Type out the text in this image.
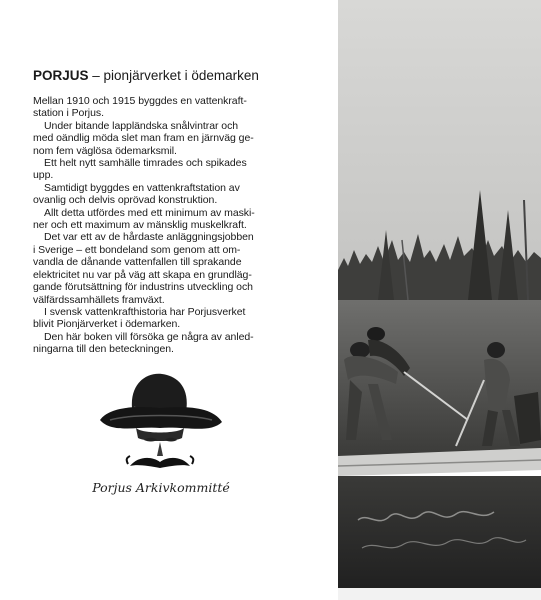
PORJUS – pionjärverket i ödemarken
Mellan 1910 och 1915 byggdes en vattenkraft-
station i Porjus.
Under bitande lappländska snålvintrar och
med oändlig möda slet man fram en järnväg ge-
nom fem väglösa ödemarksmil.
Ett helt nytt samhälle timrades och spikades
upp.
Samtidigt byggdes en vattenkraftstation av
ovanlig och delvis oprövad konstruktion.
Allt detta utfördes med ett minimum av maski-
ner och ett maximum av mänsklig muskelkraft.
Det var ett av de hårdaste anläggningsjobben
i Sverige – ett bondeland som genom att om-
vandla de dånande vattenfallen till sprakande
elektricitet nu var på väg att skapa en grundläg-
gande förutsättning för industrins utveckling och
välfärdssamhällets framväxt.
I svensk vattenkrafthistoria har Porjusverket
blivit Pionjärverket i ödemarken.
Den här boken vill försöka ge några av anled-
ningarna till den beteckningen.
Porjus Arkivkommitté
